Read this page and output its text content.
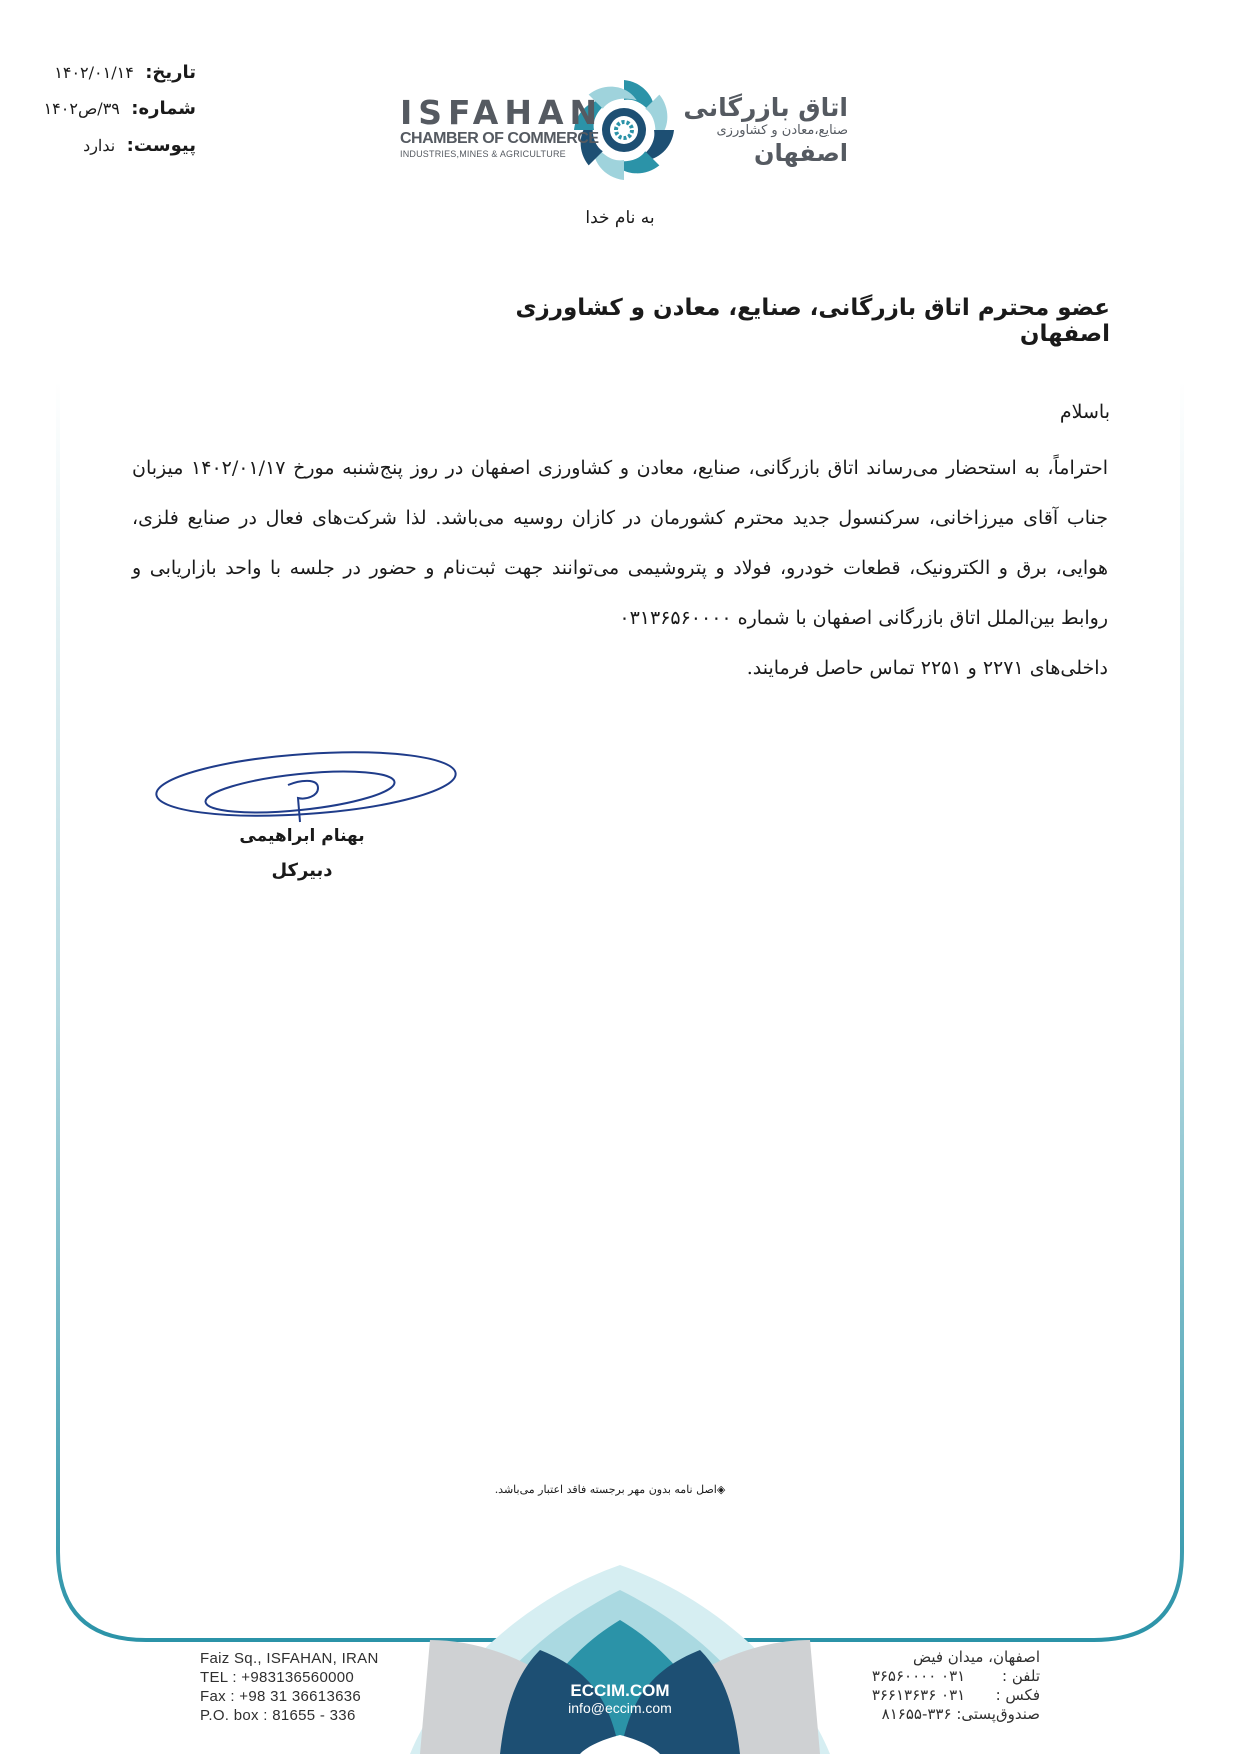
تاریخ: ۱۴۰۲/۰۱/۱۴
شماره: ۳۹/ص۱۴۰۲
پیوست: ندارد
ISFAHAN
CHAMBER OF COMMERCE
INDUSTRIES,MINES & AGRICULTURE
اتاق بازرگانی
صنایع،معادن و کشاورزی
اصفهان
به نام خدا
عضو محترم اتاق بازرگانی، صنایع، معادن و کشاورزی اصفهان
باسلام

احتراماً، به استحضار می‌رساند اتاق بازرگانی، صنایع، معادن و کشاورزی اصفهان در روز پنج‌شنبه مورخ ۱۴۰۲/۰۱/۱۷ میزبان جناب آقای میرزاخانی، سرکنسول جدید محترم کشورمان در کازان روسیه می‌باشد. لذا شرکت‌های فعال در صنایع فلزی، هوایی، برق و الکترونیک، قطعات خودرو، فولاد و پتروشیمی می‌توانند جهت ثبت‌نام و حضور در جلسه با واحد بازاریابی و روابط بین‌الملل اتاق بازرگانی اصفهان با شماره ۰۳۱۳۶۵۶۰۰۰۰

داخلی‌های ۲۲۷۱ و ۲۲۵۱ تماس حاصل فرمایند.

بهنام ابراهیمی
دبیرکل
◈اصل نامه بدون مهر برجسته فاقد اعتبار می‌باشد.
Faiz Sq., ISFAHAN, IRAN
TEL : +983136560000
Fax : +98 31 36613636
P.O. box : 81655 - 336
ECCIM.COM
info@eccim.com
اصفهان، میدان فیض
تلفن : ۰۳۱ ۳۶۵۶۰۰۰۰
فکس : ۰۳۱ ۳۶۶۱۳۶۳۶
صندوق‌پستی: ۸۱۶۵۵-۳۳۶
